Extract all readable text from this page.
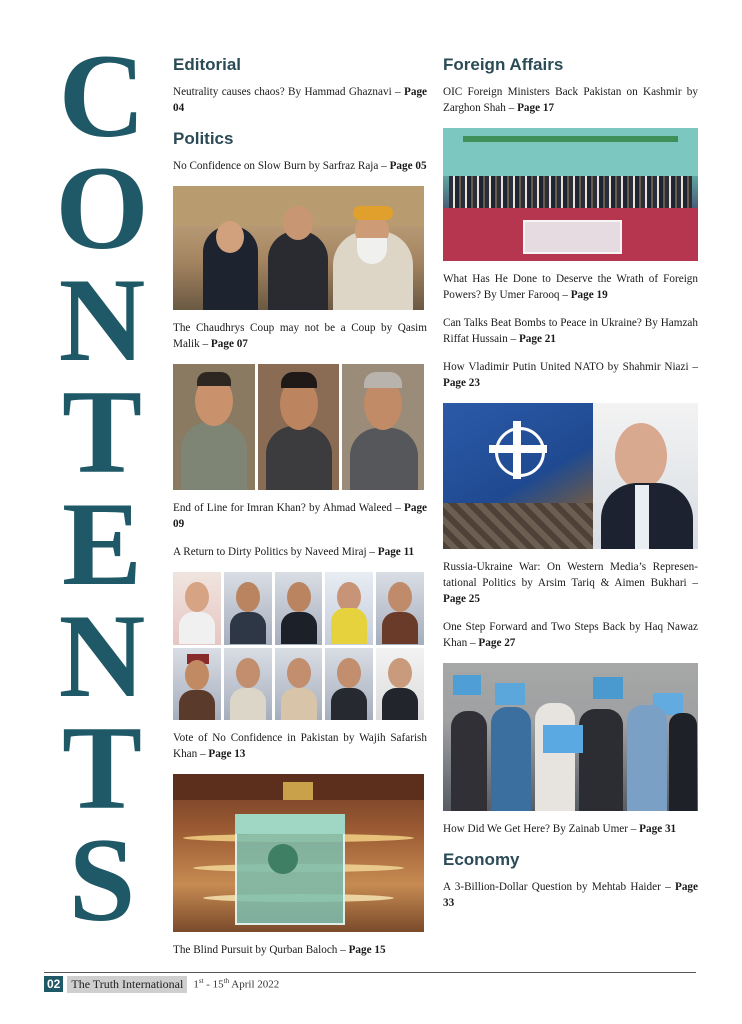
C
O
N
T
E
N
T
S
Editorial

Neutrality causes chaos? By Hammad Ghaznavi – Page 04

Politics

No Confidence on Slow Burn by Sarfraz Raja – Page 05

The Chaudhrys Coup may not be a Coup by Qasim Malik – Page 07

End of Line for Imran Khan? by Ahmad Waleed – Page 09

A Return to Dirty Politics by Naveed Miraj – Page 11

Vote of No Confidence in Pakistan by Wajih Safarish Khan – Page 13

The Blind Pursuit by Qurban Baloch – Page 15

Foreign Affairs

OIC Foreign Ministers Back Pakistan on Kashmir by Zarghon Shah – Page 17

What Has He Done to Deserve the Wrath of Foreign Powers? By Umer Farooq – Page 19

Can Talks Beat Bombs to Peace in Ukraine? By Hamzah Riffat Hussain – Page 21

How Vladimir Putin United NATO by Shahmir Niazi – Page 23

Russia-Ukraine War: On Western Media’s Represen-tational Politics by Arsim Tariq & Aimen Bukhari – Page 25

One Step Forward and Two Steps Back by Haq Nawaz Khan – Page 27

How Did We Get Here? By Zainab Umer – Page 31

Economy

A 3-Billion-Dollar Question by Mehtab Haider – Page 33

02 The Truth International 1st - 15th April 2022
